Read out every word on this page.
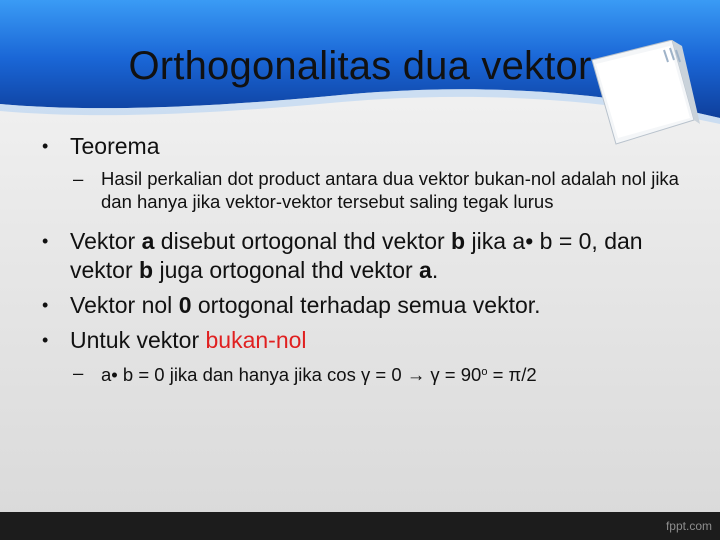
Orthogonalitas dua vektor
• Teorema
– Hasil perkalian dot product antara dua vektor bukan-nol adalah nol jika dan hanya jika vektor-vektor tersebut saling tegak lurus
• Vektor a disebut ortogonal thd vektor b jika a• b = 0, dan vektor b juga ortogonal thd vektor a.
• Vektor nol 0 ortogonal terhadap semua vektor.
• Untuk vektor bukan-nol
– a• b = 0 jika dan hanya jika $\cos \gamma = 0 \to \gamma = 90^o = \pi/2$
fppt.com
